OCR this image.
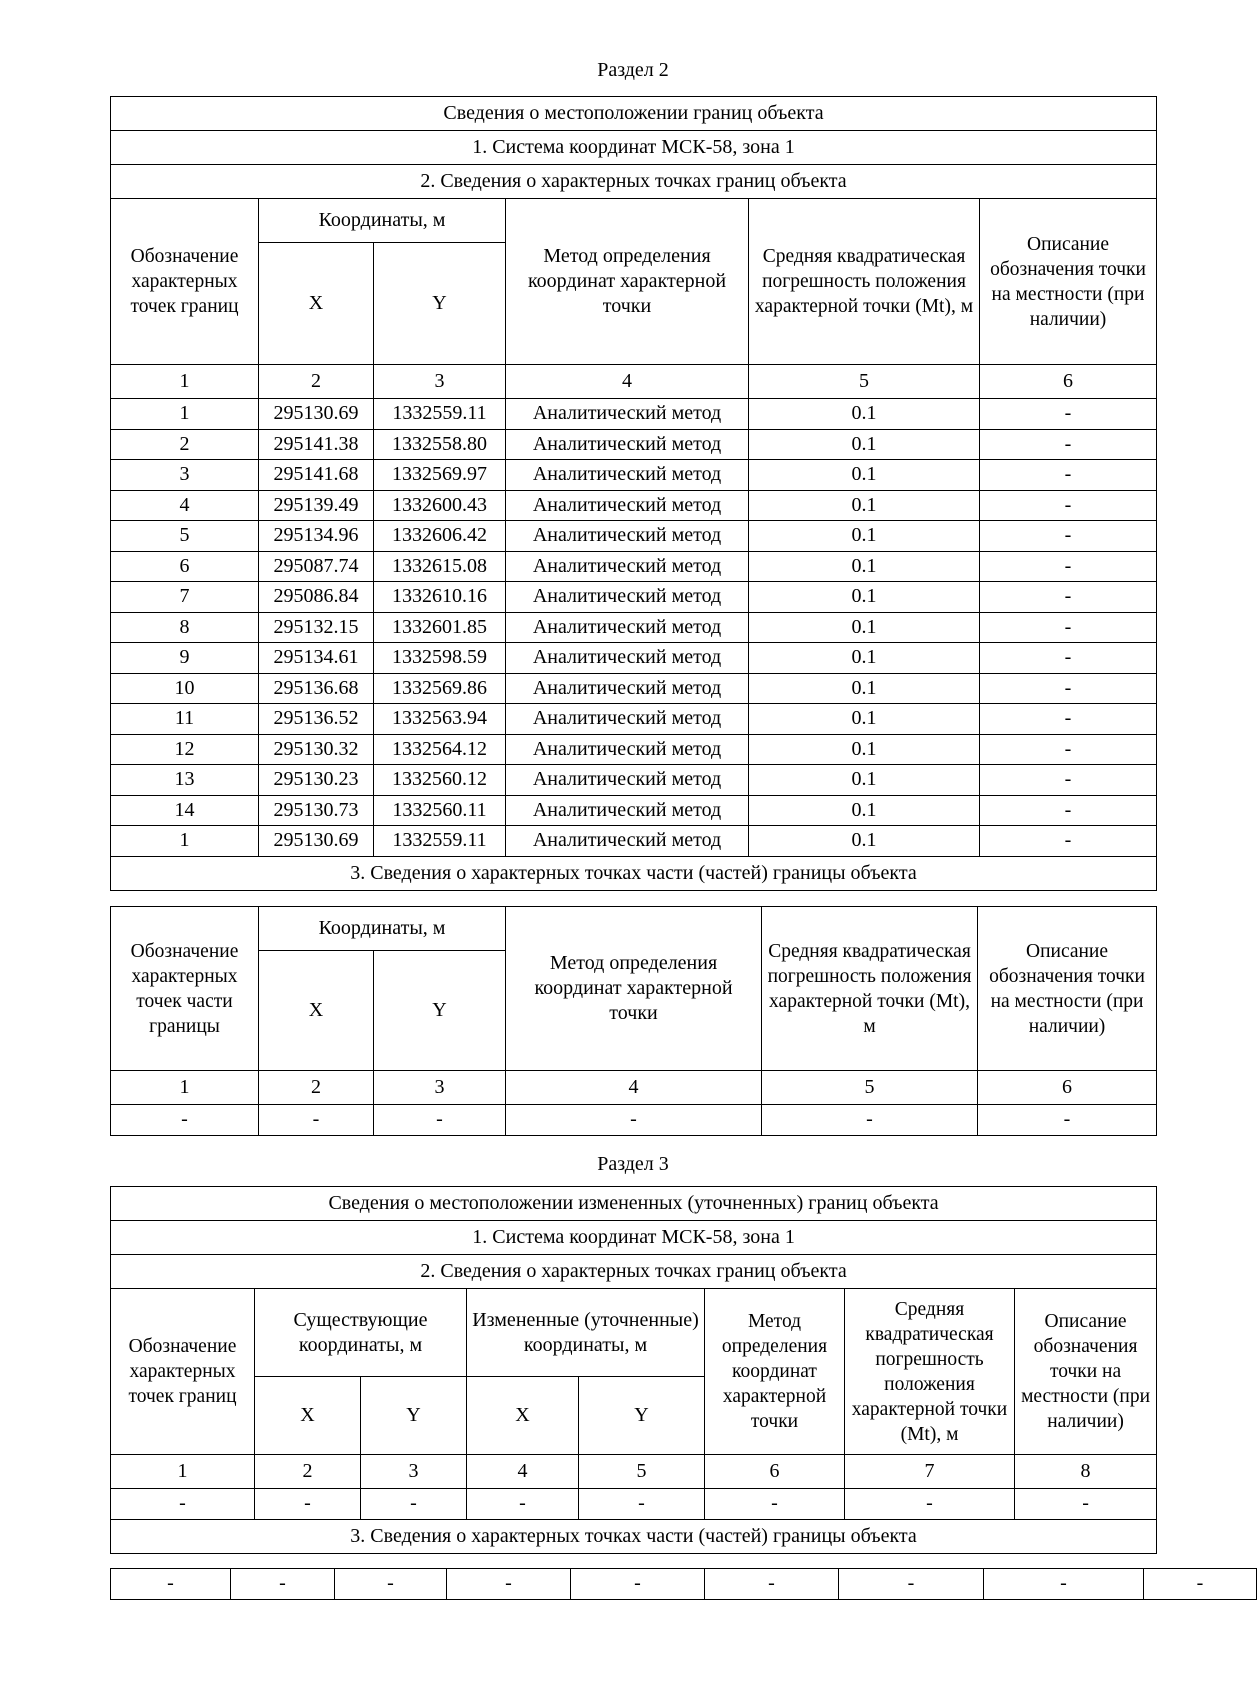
Раздел 2
Сведения о местоположении границ объекта					
1. Система координат МСК-58, зона 1					
2. Сведения о характерных точках границ объекта					
Обозначение характерных точек границ	Координаты, м		Метод определения координат характерной точки	Средняя квадратическая погрешность положения характерной точки (Mt), м	Описание обозначения точки на местности (при наличии)
	X	Y			
1	2	3	4	5	6
1	295130.69	1332559.11	Аналитический метод	0.1	-
2	295141.38	1332558.80	Аналитический метод	0.1	-
3	295141.68	1332569.97	Аналитический метод	0.1	-
4	295139.49	1332600.43	Аналитический метод	0.1	-
5	295134.96	1332606.42	Аналитический метод	0.1	-
6	295087.74	1332615.08	Аналитический метод	0.1	-
7	295086.84	1332610.16	Аналитический метод	0.1	-
8	295132.15	1332601.85	Аналитический метод	0.1	-
9	295134.61	1332598.59	Аналитический метод	0.1	-
10	295136.68	1332569.86	Аналитический метод	0.1	-
11	295136.52	1332563.94	Аналитический метод	0.1	-
12	295130.32	1332564.12	Аналитический метод	0.1	-
13	295130.23	1332560.12	Аналитический метод	0.1	-
14	295130.73	1332560.11	Аналитический метод	0.1	-
1	295130.69	1332559.11	Аналитический метод	0.1	-
3. Сведения о характерных точках части (частей) границы объекта					
Обозначение характерных точек части границы	Координаты, м		Метод определения координат характерной точки	Средняя квадратическая погрешность положения характерной точки (Mt), м	Описание обозначения точки на местности (при наличии)
	X	Y			
1	2	3	4	5	6
-	-	-	-	-	-
Раздел 3
Сведения о местоположении измененных (уточненных) границ объекта							
1. Система координат МСК-58, зона 1							
2. Сведения о характерных точках границ объекта							
Обозначение характерных точек границ	Существующие координаты, м		Измененные (уточненные) координаты, м		Метод определения координат характерной точки	Средняя квадратическая погрешность положения характерной точки (Mt), м	Описание обозначения точки на местности (при наличии)
	X	Y	X	Y			
1	2	3	4	5	6	7	8
-	-	-	-	-	-	-	-
3. Сведения о характерных точках части (частей) границы объекта							
-	-	-	-	-	-	-	-	-
